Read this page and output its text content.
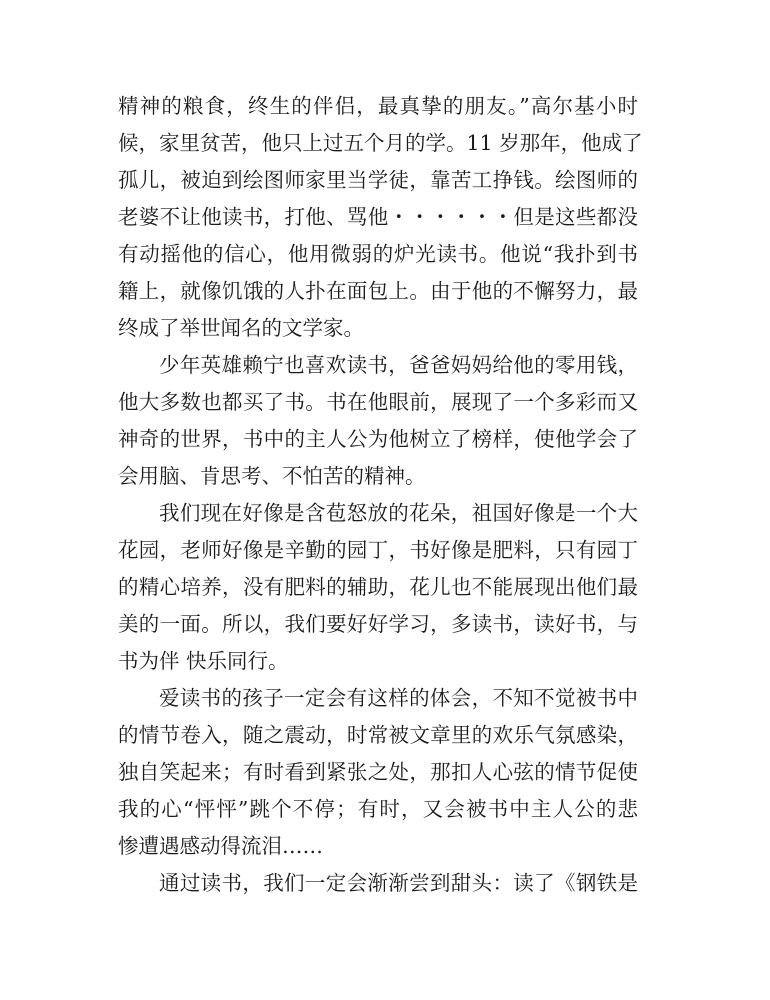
精神的粮食，终生的伴侣，最真挚的朋友。”高尔基小时
候，家里贫苦，他只上过五个月的学。11 岁那年，他成了
孤儿，被迫到绘图师家里当学徒，靠苦工挣钱。绘图师的
老婆不让他读书，打他、骂他・・・・・・但是这些都没
有动摇他的信心，他用微弱的炉光读书。他说“我扑到书
籍上，就像饥饿的人扑在面包上。由于他的不懈努力，最
终成了举世闻名的文学家。
少年英雄赖宁也喜欢读书，爸爸妈妈给他的零用钱，
他大多数也都买了书。书在他眼前，展现了一个多彩而又
神奇的世界，书中的主人公为他树立了榜样，使他学会了
会用脑、肯思考、不怕苦的精神。
我们现在好像是含苞怒放的花朵，祖国好像是一个大
花园，老师好像是辛勤的园丁，书好像是肥料，只有园丁
的精心培养，没有肥料的辅助，花儿也不能展现出他们最
美的一面。所以，我们要好好学习，多读书，读好书，与
书为伴 快乐同行。
爱读书的孩子一定会有这样的体会，不知不觉被书中
的情节卷入，随之震动，时常被文章里的欢乐气氛感染，
独自笑起来；有时看到紧张之处，那扣人心弦的情节促使
我的心“怦怦”跳个不停；有时，又会被书中主人公的悲
惨遭遇感动得流泪……
通过读书，我们一定会渐渐尝到甜头：读了《钢铁是
